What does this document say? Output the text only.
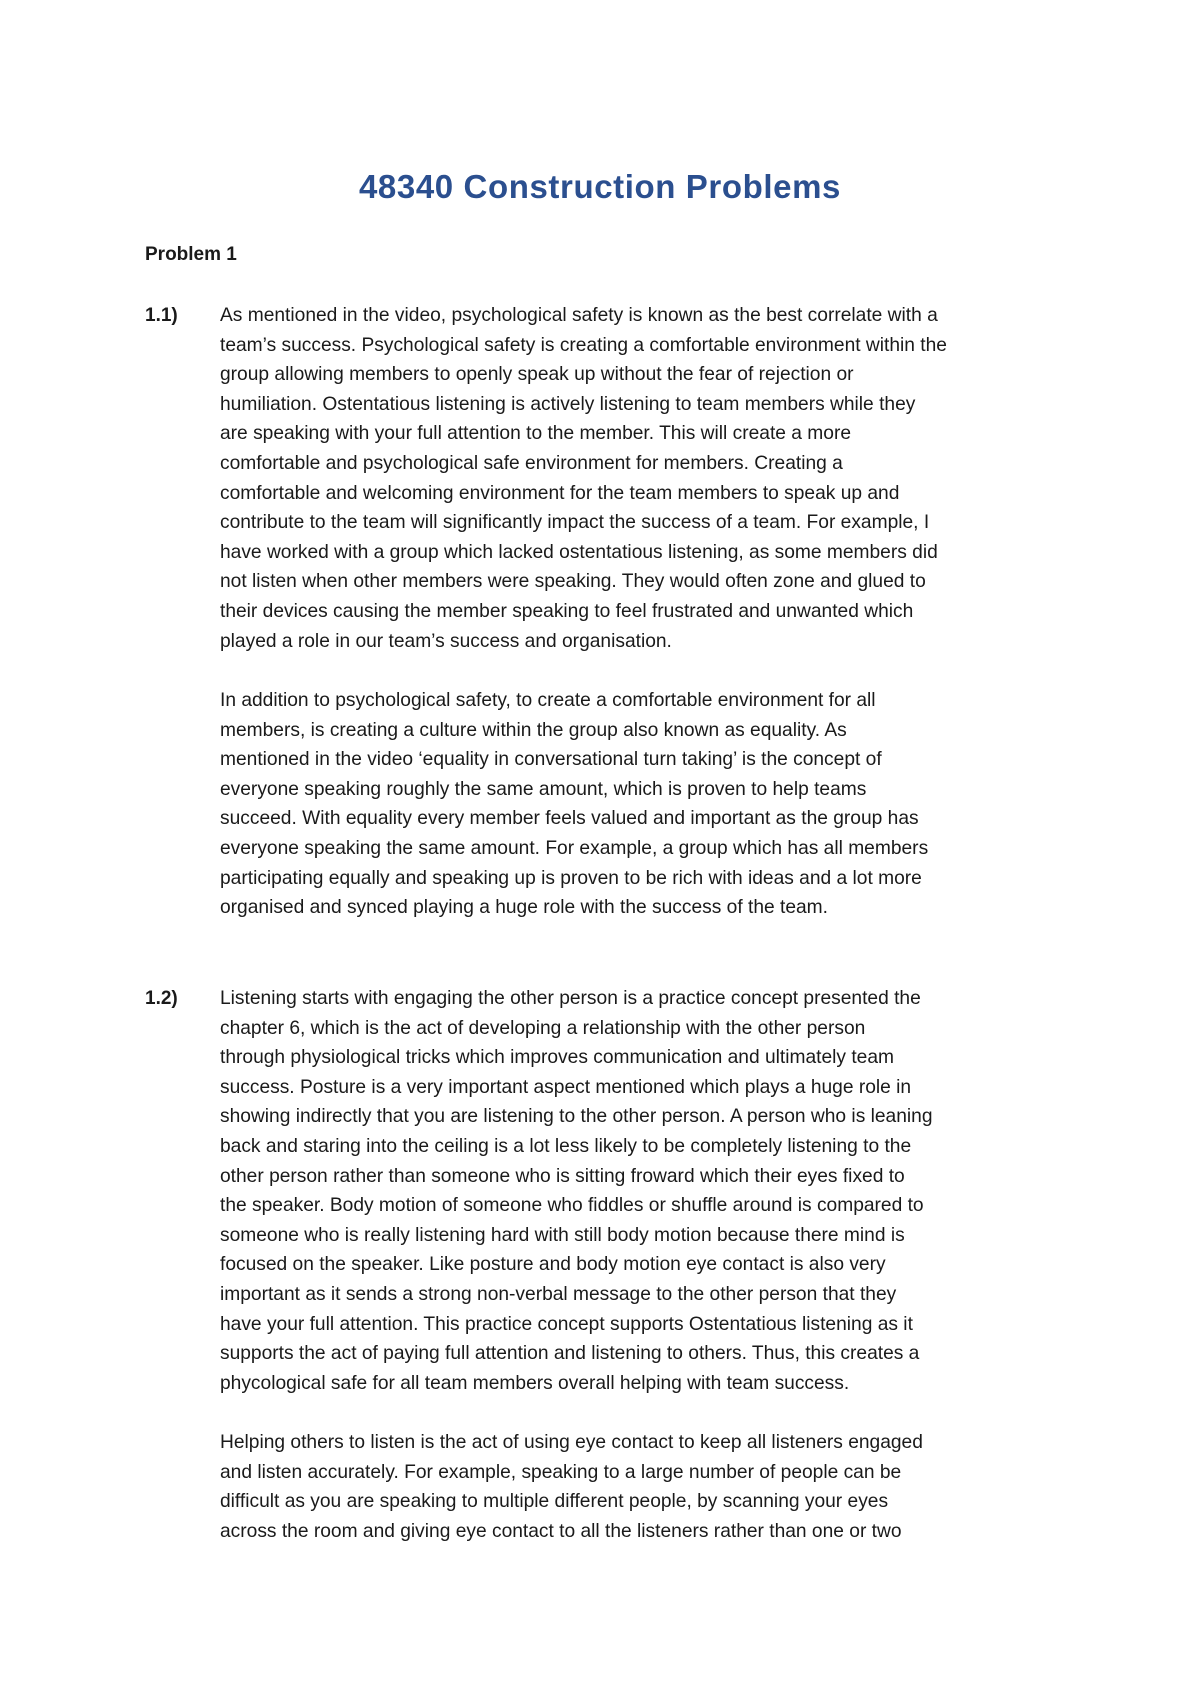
48340 Construction Problems
Problem 1
1.1) As mentioned in the video, psychological safety is known as the best correlate with a
team’s success. Psychological safety is creating a comfortable environment within the
group allowing members to openly speak up without the fear of rejection or
humiliation. Ostentatious listening is actively listening to team members while they
are speaking with your full attention to the member. This will create a more
comfortable and psychological safe environment for members. Creating a
comfortable and welcoming environment for the team members to speak up and
contribute to the team will significantly impact the success of a team. For example, I
have worked with a group which lacked ostentatious listening, as some members did
not listen when other members were speaking. They would often zone and glued to
their devices causing the member speaking to feel frustrated and unwanted which
played a role in our team’s success and organisation.
In addition to psychological safety, to create a comfortable environment for all
members, is creating a culture within the group also known as equality. As
mentioned in the video ‘equality in conversational turn taking’ is the concept of
everyone speaking roughly the same amount, which is proven to help teams
succeed. With equality every member feels valued and important as the group has
everyone speaking the same amount. For example, a group which has all members
participating equally and speaking up is proven to be rich with ideas and a lot more
organised and synced playing a huge role with the success of the team.
1.2) Listening starts with engaging the other person is a practice concept presented the
chapter 6, which is the act of developing a relationship with the other person
through physiological tricks which improves communication and ultimately team
success. Posture is a very important aspect mentioned which plays a huge role in
showing indirectly that you are listening to the other person. A person who is leaning
back and staring into the ceiling is a lot less likely to be completely listening to the
other person rather than someone who is sitting froward which their eyes fixed to
the speaker. Body motion of someone who fiddles or shuffle around is compared to
someone who is really listening hard with still body motion because there mind is
focused on the speaker. Like posture and body motion eye contact is also very
important as it sends a strong non-verbal message to the other person that they
have your full attention. This practice concept supports Ostentatious listening as it
supports the act of paying full attention and listening to others. Thus, this creates a
phycological safe for all team members overall helping with team success.
Helping others to listen is the act of using eye contact to keep all listeners engaged
and listen accurately. For example, speaking to a large number of people can be
difficult as you are speaking to multiple different people, by scanning your eyes
across the room and giving eye contact to all the listeners rather than one or two
